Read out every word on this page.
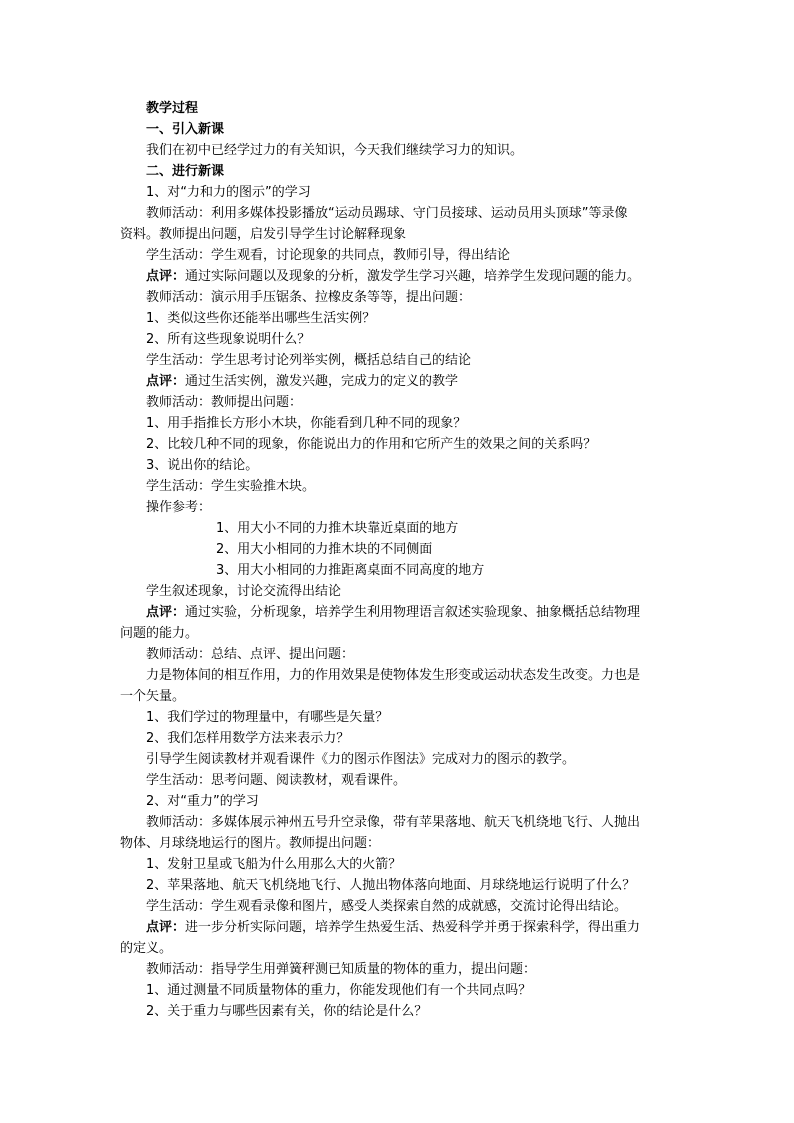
教学过程

一、引入新课

我们在初中已经学过力的有关知识，今天我们继续学习力的知识。

二、进行新课

1、对“力和力的图示”的学习

教师活动：利用多媒体投影播放“运动员踢球、守门员接球、运动员用头顶球”等录像

资料。教师提出问题，启发引导学生讨论解释现象

学生活动：学生观看，讨论现象的共同点，教师引导，得出结论

点评：通过实际问题以及现象的分析，激发学生学习兴趣，培养学生发现问题的能力。

教师活动：演示用手压锯条、拉橡皮条等等，提出问题：

1、类似这些你还能举出哪些生活实例？

2、所有这些现象说明什么？

学生活动：学生思考讨论列举实例，概括总结自己的结论

点评：通过生活实例，激发兴趣，完成力的定义的教学

教师活动：教师提出问题：

1、用手指推长方形小木块，你能看到几种不同的现象？

2、比较几种不同的现象，你能说出力的作用和它所产生的效果之间的关系吗？

3、说出你的结论。

学生活动：学生实验推木块。

操作参考：

1、用大小不同的力推木块靠近桌面的地方

2、用大小相同的力推木块的不同侧面

3、用大小相同的力推距离桌面不同高度的地方

学生叙述现象，讨论交流得出结论

点评：通过实验，分析现象，培养学生利用物理语言叙述实验现象、抽象概括总结物理

问题的能力。

教师活动：总结、点评、提出问题：

力是物体间的相互作用，力的作用效果是使物体发生形变或运动状态发生改变。力也是

一个矢量。

1、我们学过的物理量中，有哪些是矢量？

2、我们怎样用数学方法来表示力？

引导学生阅读教材并观看课件《力的图示作图法》完成对力的图示的教学。

学生活动：思考问题、阅读教材，观看课件。

2、对“重力”的学习

教师活动：多媒体展示神州五号升空录像，带有苹果落地、航天飞机绕地飞行、人抛出

物体、月球绕地运行的图片。教师提出问题：

1、发射卫星或飞船为什么用那么大的火箭？

2、苹果落地、航天飞机绕地飞行、人抛出物体落向地面、月球绕地运行说明了什么？

学生活动：学生观看录像和图片，感受人类探索自然的成就感，交流讨论得出结论。

点评：进一步分析实际问题，培养学生热爱生活、热爱科学并勇于探索科学，得出重力

的定义。

教师活动：指导学生用弹簧秤测已知质量的物体的重力，提出问题：

1、通过测量不同质量物体的重力，你能发现他们有一个共同点吗？

2、关于重力与哪些因素有关，你的结论是什么？
